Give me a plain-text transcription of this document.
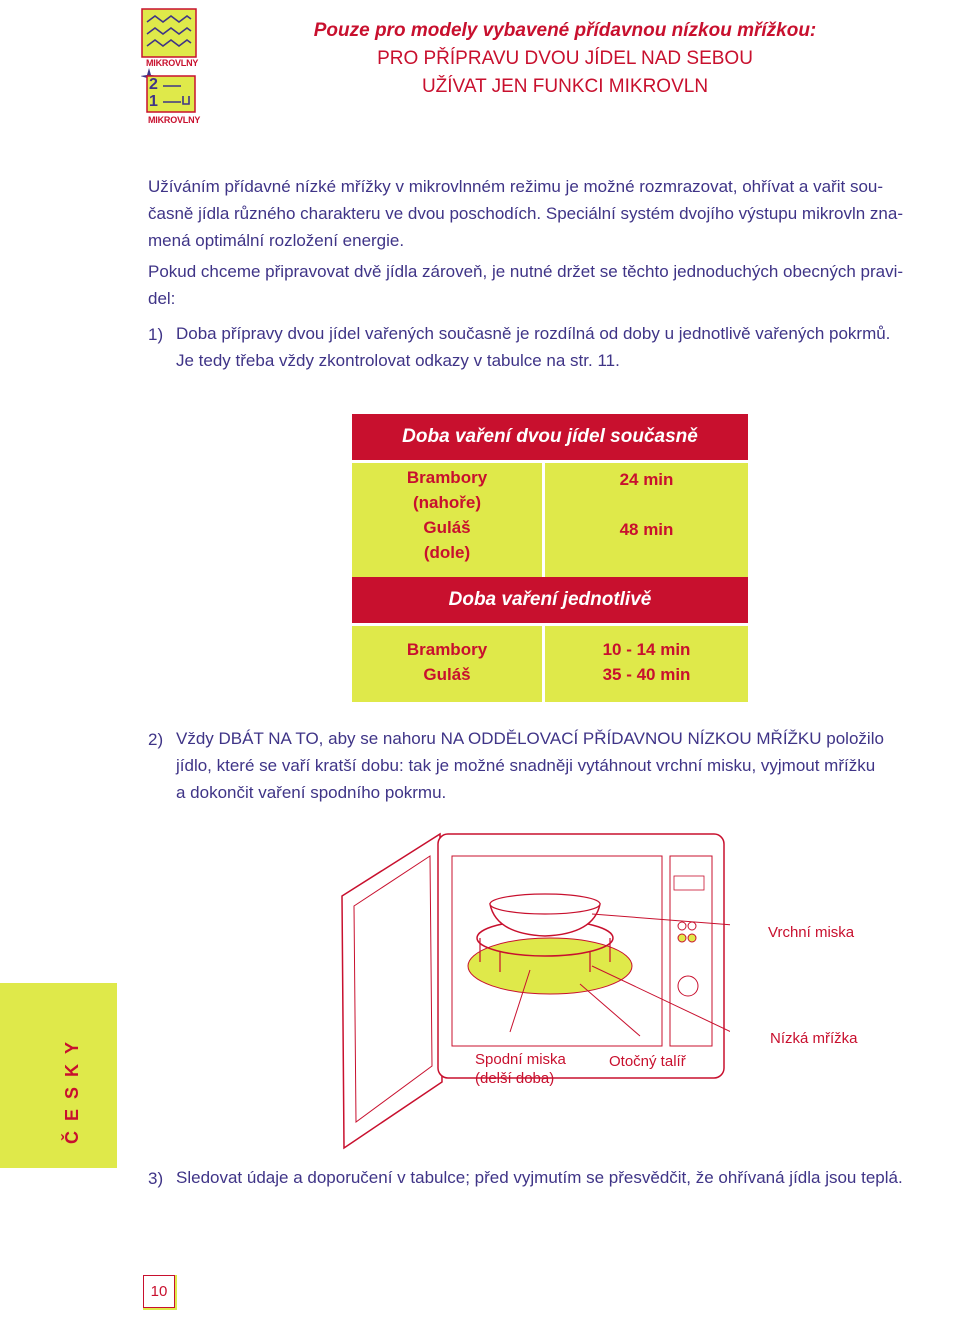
MIKROVLNY
2
1
MIKROVLNY
Pouze pro modely vybavené přídavnou nízkou mřížkou:
PRO PŘÍPRAVU DVOU JÍDEL NAD SEBOU
UŽÍVAT JEN FUNKCI MIKROVLN
Užíváním přídavné nízké mřížky v mikrovlnném režimu je možné rozmrazovat, ohřívat a vařit sou-
časně jídla různého charakteru ve dvou poschodích. Speciální systém dvojího výstupu mikrovln zna-
mená optimální rozložení energie.
Pokud chceme připravovat dvě jídla zároveň, je nutné držet se těchto jednoduchých obecných pravi-
del:
1) Doba přípravy dvou jídel vařených současně je rozdílná od doby u jednotlivě vařených pokrmů.
Je tedy třeba vždy zkontrolovat odkazy v tabulce na str. 11.
Doba vaření dvou jídel současně
Brambory
(nahoře)
Guláš
(dole)
24 min
48 min
Doba vaření jednotlivě
Brambory
Guláš
10 - 14 min
35 - 40 min
2) Vždy DBÁT NA TO, aby se nahoru NA ODDĚLOVACÍ PŘÍDAVNOU NÍZKOU MŘÍŽKU položilo
jídlo, které se vaří kratší dobu: tak je možné snadněji vytáhnout vrchní misku, vyjmout mřížku
a dokončit vaření spodního pokrmu.
Vrchní miska
Nízká mřížka
Spodní miska
(delší doba)
Otočný talíř
3) Sledovat údaje a doporučení v tabulce; před vyjmutím se přesvědčit, že ohřívaná jídla jsou teplá.
ČESKY
10
